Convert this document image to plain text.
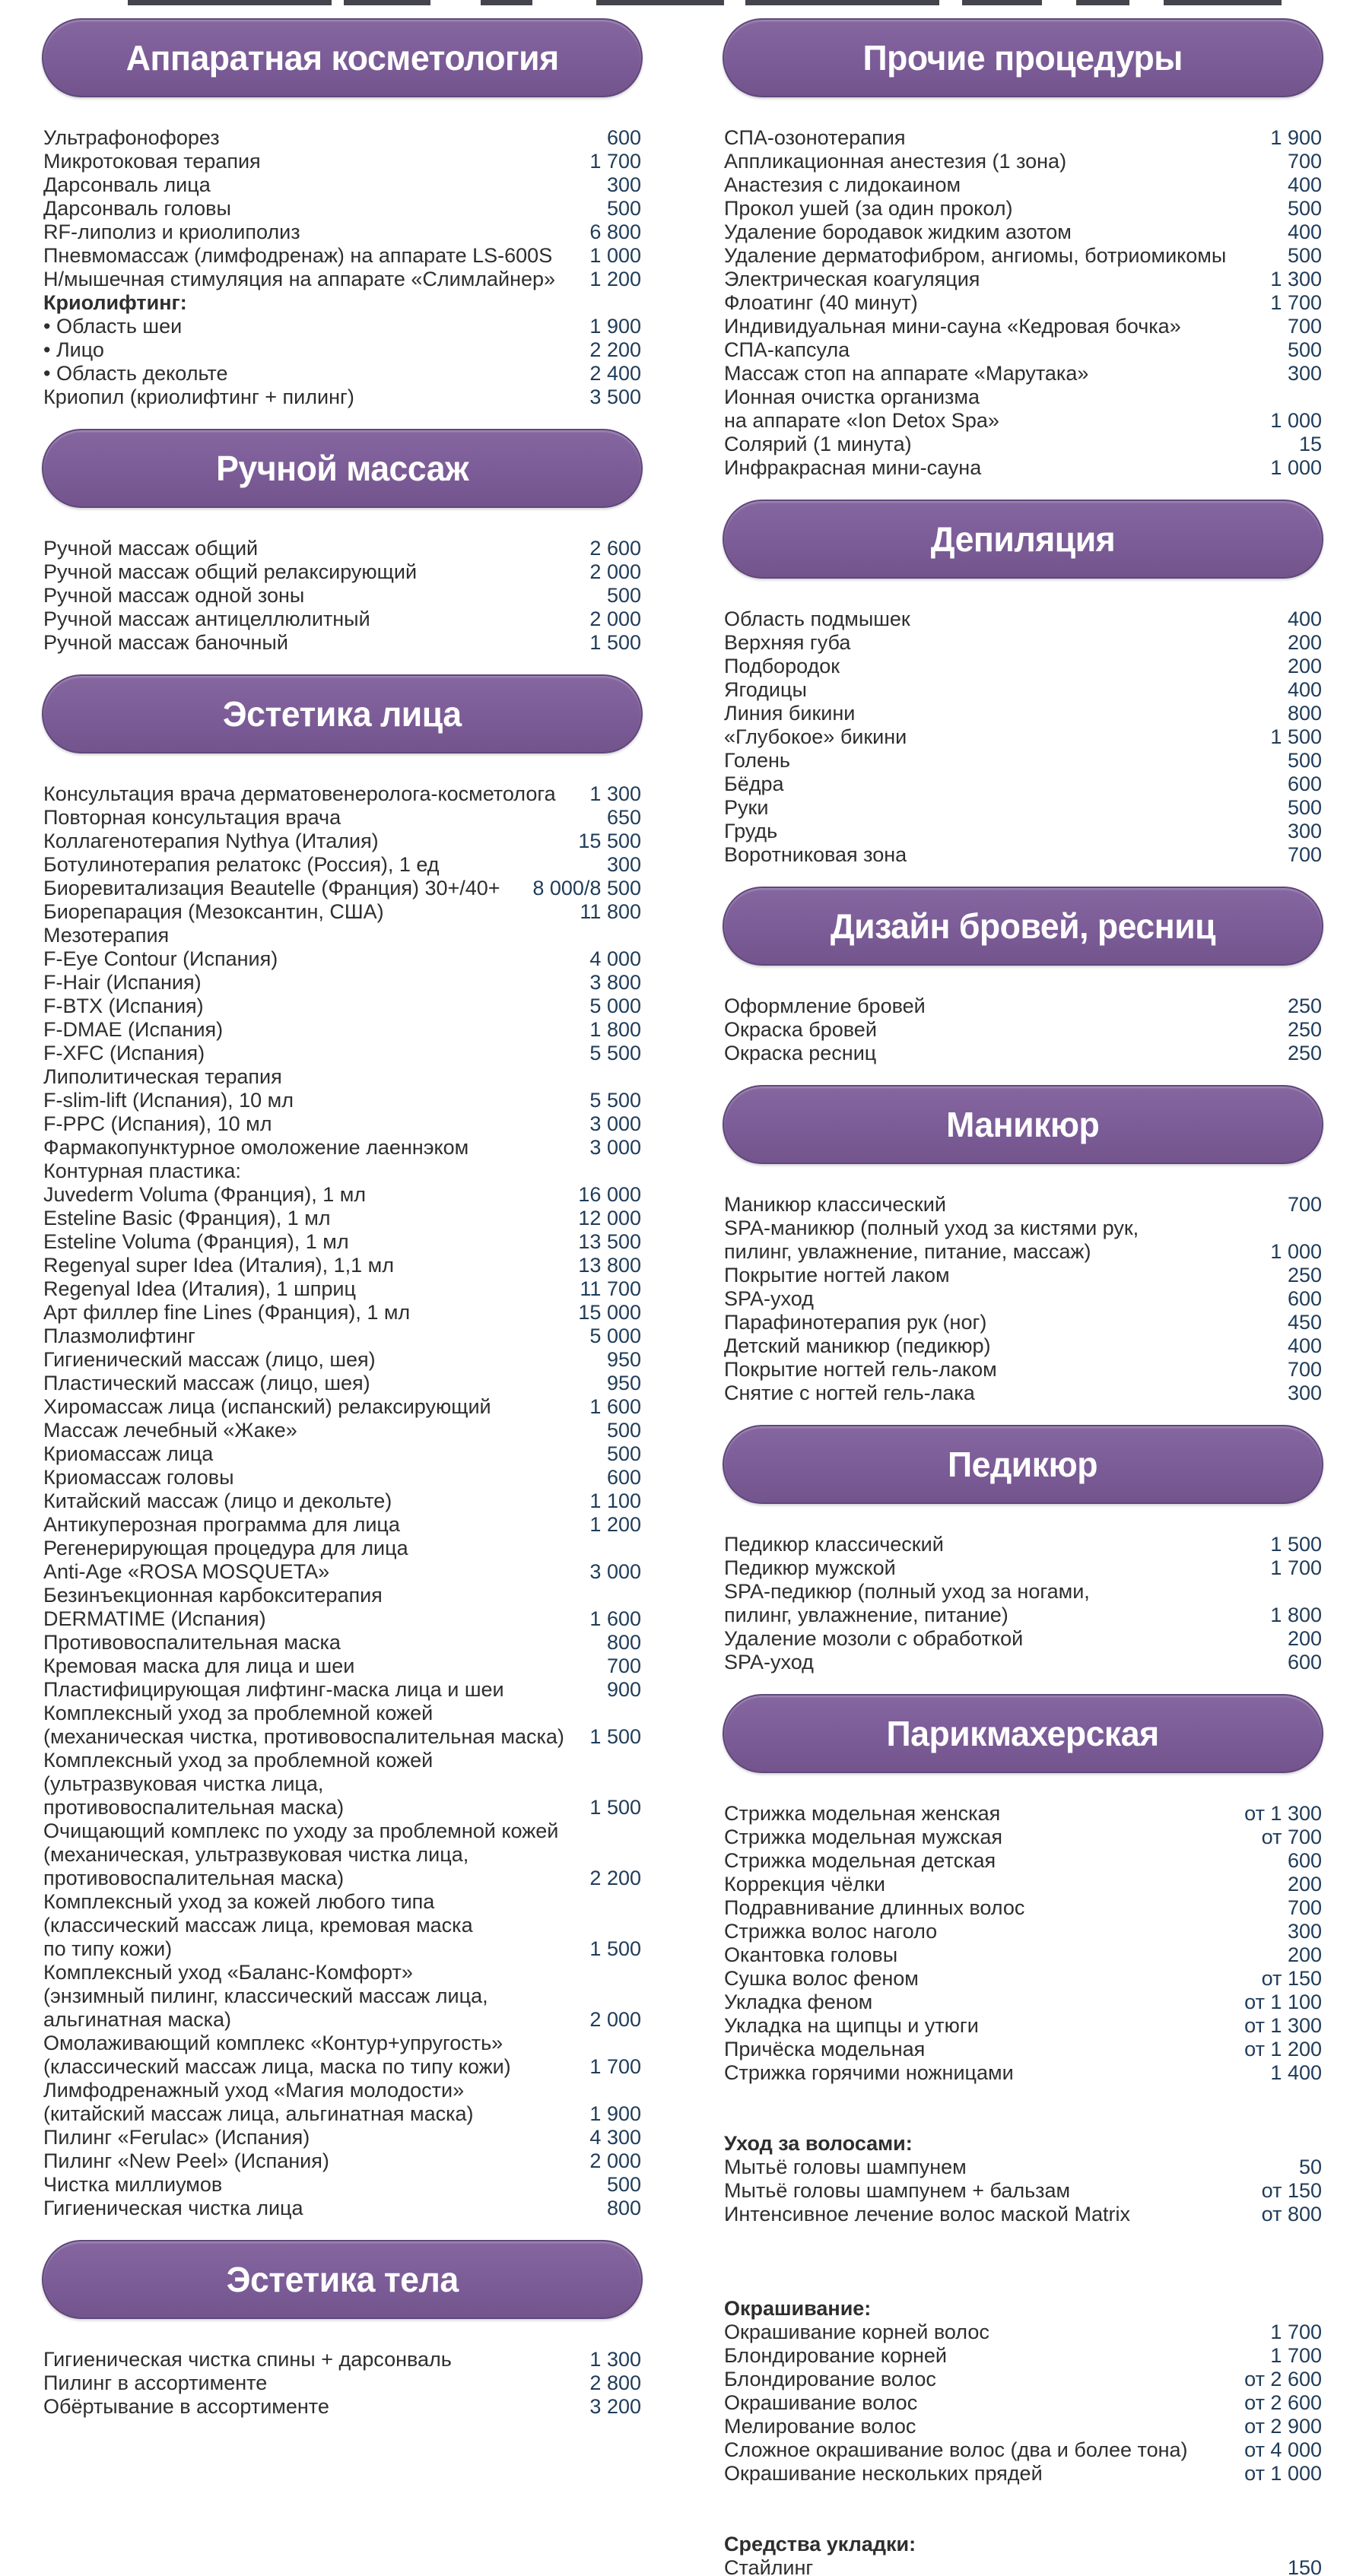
Аппаратная косметология
Ультрафонофорез	600
Микротоковая терапия	1 700
Дарсонваль лица	300
Дарсонваль головы	500
RF-липолиз и криолиполиз	6 800
Пневмомассаж (лимфодренаж) на аппарате LS-600S 1 000
Н/мышечная стимуляция на аппарате «Слимлайнер» 1 200
Криолифтинг:
• Область шеи	1 900
• Лицо	2 200
• Область декольте	2 400
Криопил (криолифтинг + пилинг)	3 500
Ручной массаж
Ручной массаж общий	2 600
Ручной массаж общий релаксирующий	2 000
Ручной массаж одной зоны	500
Ручной массаж антицеллюлитный	2 000
Ручной массаж баночный	1 500
Эстетика лица
Консультация врача дерматовенеролога-косметолога 1 300
Повторная консультация врача	650
Коллагенотерапия Nythya (Италия)	15 500
Ботулинотерапия релатокс (Россия), 1 ед	300
Биоревитализация Beautelle (Франция) 30+/40+ 8 000/8 500
Биорепарация (Мезоксантин, США)	11 800
Мезотерапия
F-Eye Contour (Испания)	4 000
F-Hair (Испания)	3 800
F-BTX (Испания)	5 000
F-DMAE (Испания)	1 800
F-XFC (Испания)	5 500
Липолитическая терапия
F-slim-lift (Испания), 10 мл	5 500
F-PPC (Испания), 10 мл	3 000
Фармакопунктурное омоложение лаеннэком	3 000
Контурная пластика:
Juvederm Voluma (Франция), 1 мл	16 000
Esteline Basic (Франция), 1 мл	12 000
Esteline Voluma (Франция), 1 мл	13 500
Regenyal super Idea (Италия), 1,1 мл	13 800
Regenyal Idea (Италия), 1 шприц	11 700
Арт филлер fine Lines (Франция), 1 мл	15 000
Плазмолифтинг	5 000
Гигиенический массаж (лицо, шея)	950
Пластический массаж (лицо, шея)	950
Хиромассаж лица (испанский) релаксирующий	1 600
Массаж лечебный «Жаке»	500
Криомассаж лица	500
Криомассаж головы	600
Китайский массаж (лицо и декольте)	1 100
Антикуперозная программа для лица	1 200
Регенерирующая процедура для лица
Anti-Age «ROSA MOSQUETA»	3 000
Безинъекционная карбокситерапия
DERMATIME (Испания)	1 600
Противовоспалительная маска	800
Кремовая маска для лица и шеи	700
Пластифицирующая лифтинг-маска лица и шеи	900
Комплексный уход за проблемной кожей
(механическая чистка, противовоспалительная маска) 1 500
Комплексный уход за проблемной кожей
(ультразвуковая чистка лица,
противовоспалительная маска)	1 500
Очищающий комплекс по уходу за проблемной кожей
(механическая, ультразвуковая чистка лица,
противовоспалительная маска)	2 200
Комплексный уход за кожей любого типа
(классический массаж лица, кремовая маска
по типу кожи)	1 500
Комплексный уход «Баланс-Комфорт»
(энзимный пилинг, классический массаж лица,
альгинатная маска)	2 000
Омолаживающий комплекс «Контур+упругость»
(классический массаж лица, маска по типу кожи)	1 700
Лимфодренажный уход «Магия молодости»
(китайский массаж лица, альгинатная маска)	1 900
Пилинг «Ferulac» (Испания)	4 300
Пилинг «New Peel» (Испания)	2 000
Чистка миллиумов	500
Гигиеническая чистка лица	800
Эстетика тела
Гигиеническая чистка спины + дарсонваль	1 300
Пилинг в ассортименте	2 800
Обёртывание в ассортименте	3 200
Прочие процедуры
СПА-озонотерапия	1 900
Аппликационная анестезия (1 зона)	700
Анастезия с лидокаином	400
Прокол ушей (за один прокол)	500
Удаление бородавок жидким азотом	400
Удаление дерматофибром, ангиомы, ботриомикомы	500
Электрическая коагуляция	1 300
Флоатинг (40 минут)	1 700
Индивидуальная мини-сауна «Кедровая бочка»	700
СПА-капсула	500
Массаж стоп на аппарате «Марутака»	300
Ионная очистка организма
на аппарате «Ion Detox Spa»	1 000
Солярий (1 минута)	15
Инфракрасная мини-сауна	1 000
Депиляция
Область подмышек	400
Верхняя губа	200
Подбородок	200
Ягодицы	400
Линия бикини	800
«Глубокое» бикини	1 500
Голень	500
Бёдра	600
Руки	500
Грудь	300
Воротниковая зона	700
Дизайн бровей, ресниц
Оформление бровей	250
Окраска бровей	250
Окраска ресниц	250
Маникюр
Маникюр классический	700
SPA-маникюр (полный уход за кистями рук,
пилинг, увлажнение, питание, массаж)	1 000
Покрытие ногтей лаком	250
SPA-уход	600
Парафинотерапия рук (ног)	450
Детский маникюр (педикюр)	400
Покрытие ногтей гель-лаком	700
Снятие с ногтей гель-лака	300
Педикюр
Педикюр классический	1 500
Педикюр мужской	1 700
SPA-педикюр (полный уход за ногами,
пилинг, увлажнение, питание)	1 800
Удаление мозоли с обработкой	200
SPA-уход	600
Парикмахерская
Стрижка модельная женская	от 1 300
Стрижка модельная мужская	от 700
Стрижка модельная детская	600
Коррекция чёлки	200
Подравнивание длинных волос	700
Стрижка волос наголо	300
Окантовка головы	200
Сушка волос феном	от 150
Укладка феном	от 1 100
Укладка на щипцы и утюги	от 1 300
Причёска модельная	от 1 200
Стрижка горячими ножницами	1 400
Уход за волосами:
Мытьё головы шампунем	50
Мытьё головы шампунем + бальзам	от 150
Интенсивное лечение волос маской Matrix	от 800
Окрашивание:
Окрашивание корней волос	1 700
Блондирование корней	1 700
Блондирование волос	от 2 600
Окрашивание волос	от 2 600
Мелирование волос	от 2 900
Сложное окрашивание волос (два и более тона)	от 4 000
Окрашивание нескольких прядей	от 1 000
Средства укладки:
Стайлинг	150
